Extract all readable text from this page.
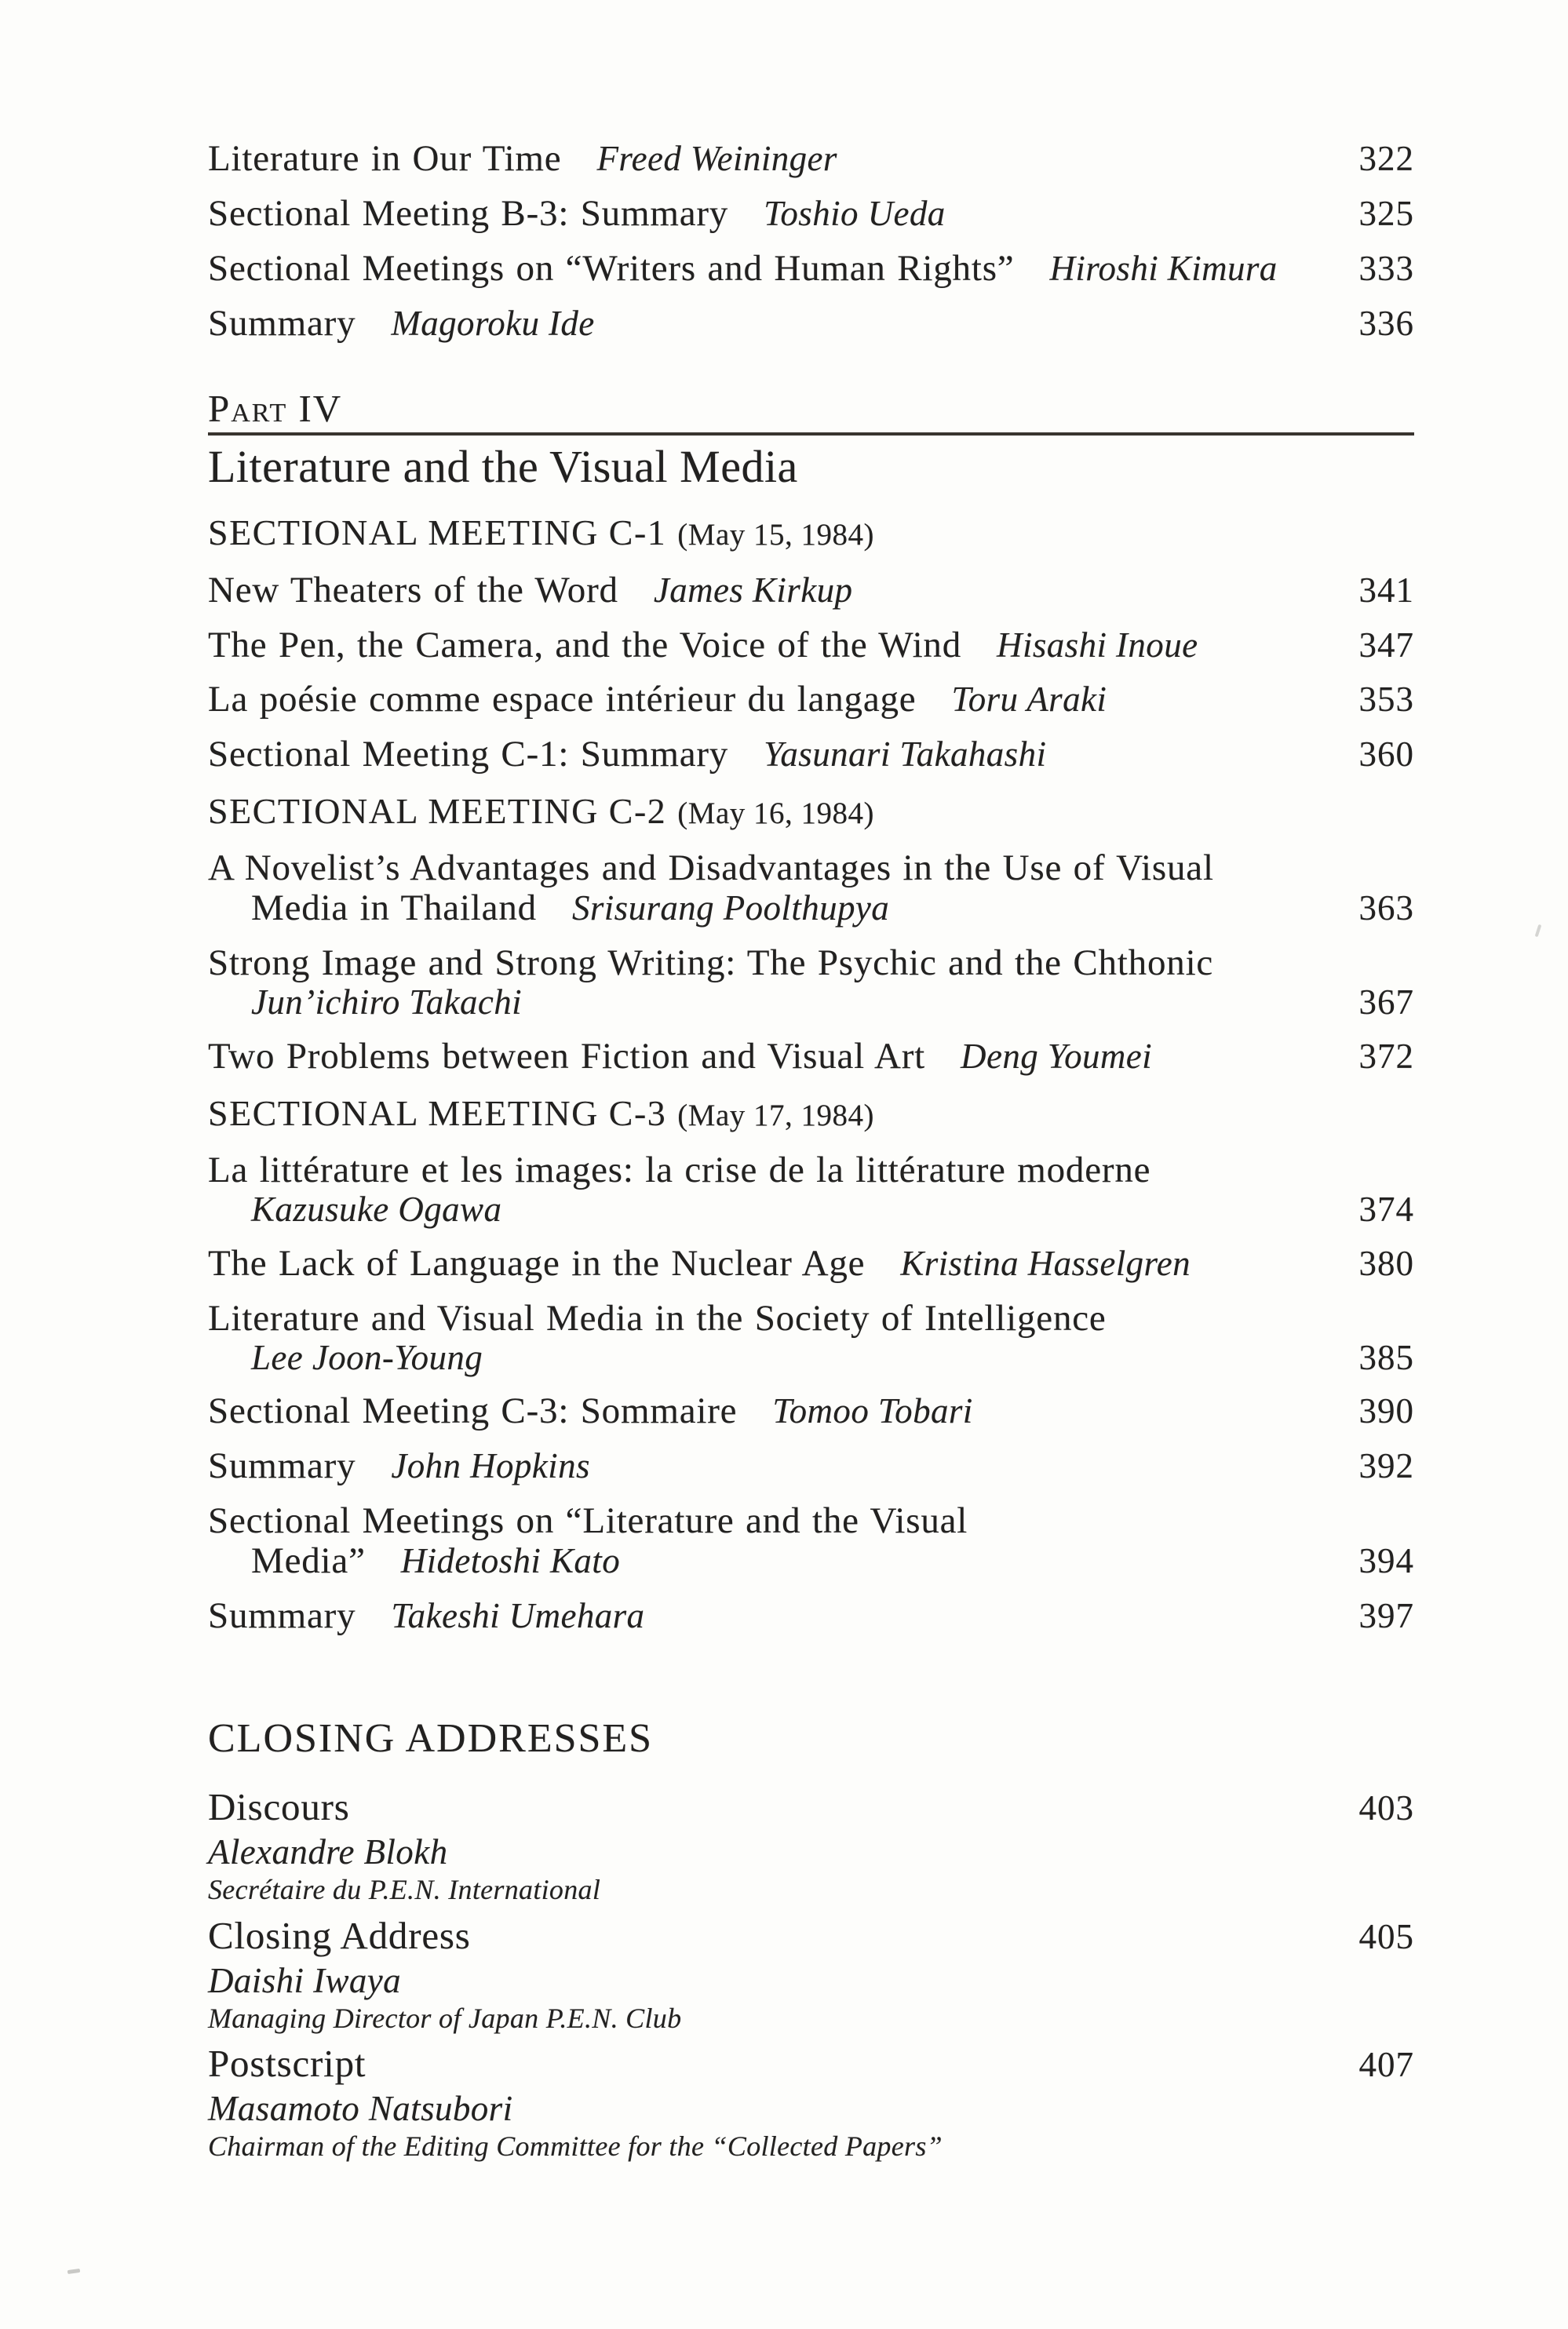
Literature in Our Time Freed Weininger	322
Sectional Meeting B-3: Summary Toshio Ueda	325
Sectional Meetings on “Writers and Human Rights” Hiroshi Kimura 333
Summary Magoroku Ide	336
Part IV
Literature and the Visual Media
SECTIONAL MEETING C-1 (May 15, 1984)
New Theaters of the Word James Kirkup	341
The Pen, the Camera, and the Voice of the Wind Hisashi Inoue	347
La poésie comme espace intérieur du langage Toru Araki	353
Sectional Meeting C-1: Summary Yasunari Takahashi	360
SECTIONAL MEETING C-2 (May 16, 1984)
A Novelist’s Advantages and Disadvantages in the Use of Visual
Media in Thailand Srisurang Poolthupya	363
Strong Image and Strong Writing: The Psychic and the Chthonic
Jun’ichiro Takachi	367
Two Problems between Fiction and Visual Art Deng Youmei	372
SECTIONAL MEETING C-3 (May 17, 1984)
La littérature et les images: la crise de la littérature moderne
Kazusuke Ogawa	374
The Lack of Language in the Nuclear Age Kristina Hasselgren	380
Literature and Visual Media in the Society of Intelligence
Lee Joon-Young	385
Sectional Meeting C-3: Sommaire Tomoo Tobari	390
Summary John Hopkins	392
Sectional Meetings on “Literature and the Visual
Media” Hidetoshi Kato	394
Summary Takeshi Umehara	397
CLOSING ADDRESSES
Discours	403
Alexandre Blokh
Secrétaire du P.E.N. International
Closing Address	405
Daishi Iwaya
Managing Director of Japan P.E.N. Club
Postscript	407
Masamoto Natsubori
Chairman of the Editing Committee for the “Collected Papers”
